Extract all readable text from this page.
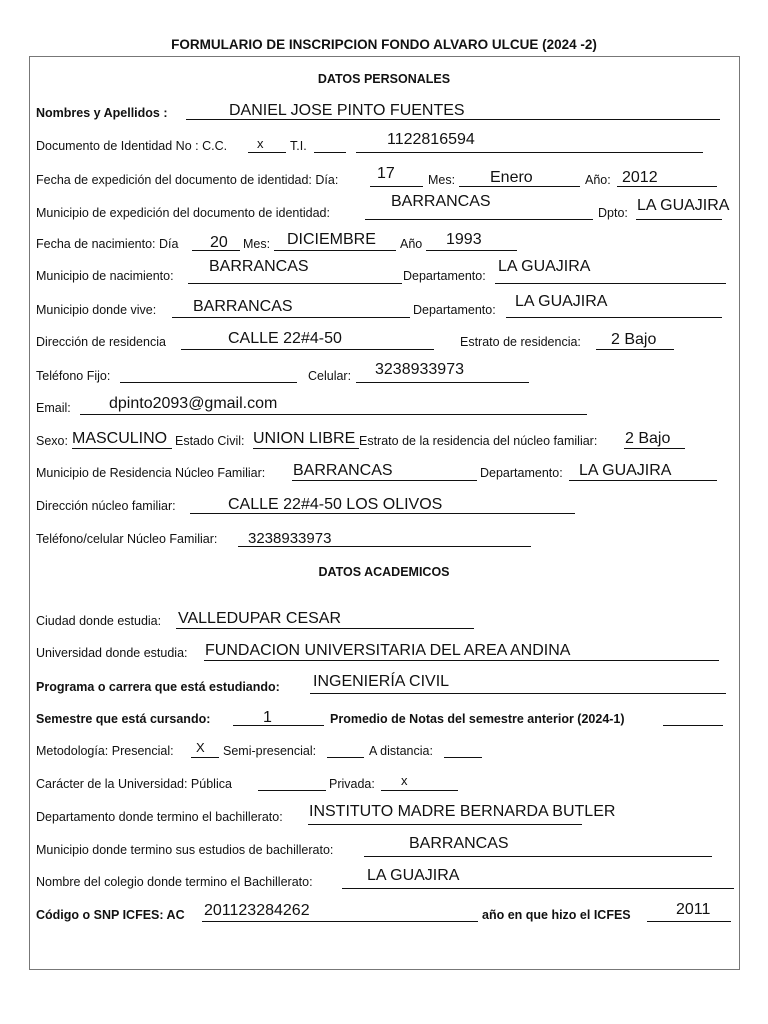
FORMULARIO DE INSCRIPCION FONDO ALVARO ULCUE (2024 -2)
DATOS PERSONALES
Nombres y Apellidos :	DANIEL JOSE PINTO FUENTES
Documento de Identidad No : C.C. x T.I.	1122816594
Fecha de expedición del documento de identidad: Día: 17	Mes: Enero	Año: 2012
Municipio de expedición del documento de identidad:
BARRANCAS
Dpto: LA GUAJIRA
Fecha de nacimiento: Día 20 Mes: DICIEMBRE Año 1993
Municipio de nacimiento:
BARRANCAS
Departamento:
LA GUAJIRA
Municipio donde vive: BARRANCAS	Departamento: LA GUAJIRA
Dirección de residencia	CALLE 22#4-50	Estrato de residencia: 2 Bajo
Teléfono Fijo:	Celular: 3238933973
Email: dpinto2093@gmail.com
Sexo: MASCULINO Estado Civil: UNION LIBRE Estrato de la residencia del núcleo familiar: 2 Bajo
Municipio de Residencia Núcleo Familiar: BARRANCAS	Departamento: LA GUAJIRA
Dirección núcleo familiar:	CALLE 22#4-50 LOS OLIVOS
Teléfono/celular Núcleo Familiar: 3238933973
DATOS ACADEMICOS
Ciudad donde estudia: VALLEDUPAR CESAR
Universidad donde estudia: FUNDACION UNIVERSITARIA DEL AREA ANDINA
Programa o carrera que está estudiando: INGENIERÍA CIVIL
Semestre que está cursando:	1	Promedio de Notas del semestre anterior (2024-1)
Metodología: Presencial: X Semi-presencial:	A distancia:
Carácter de la Universidad: Pública	Privada: x
Departamento donde termino el bachillerato: INSTITUTO MADRE BERNARDA BUTLER
Municipio donde termino sus estudios de bachillerato:	BARRANCAS
Nombre del colegio donde termino el Bachillerato:	LA GUAJIRA
Código o SNP ICFES: AC 201123284262	año en que hizo el ICFES	2011
